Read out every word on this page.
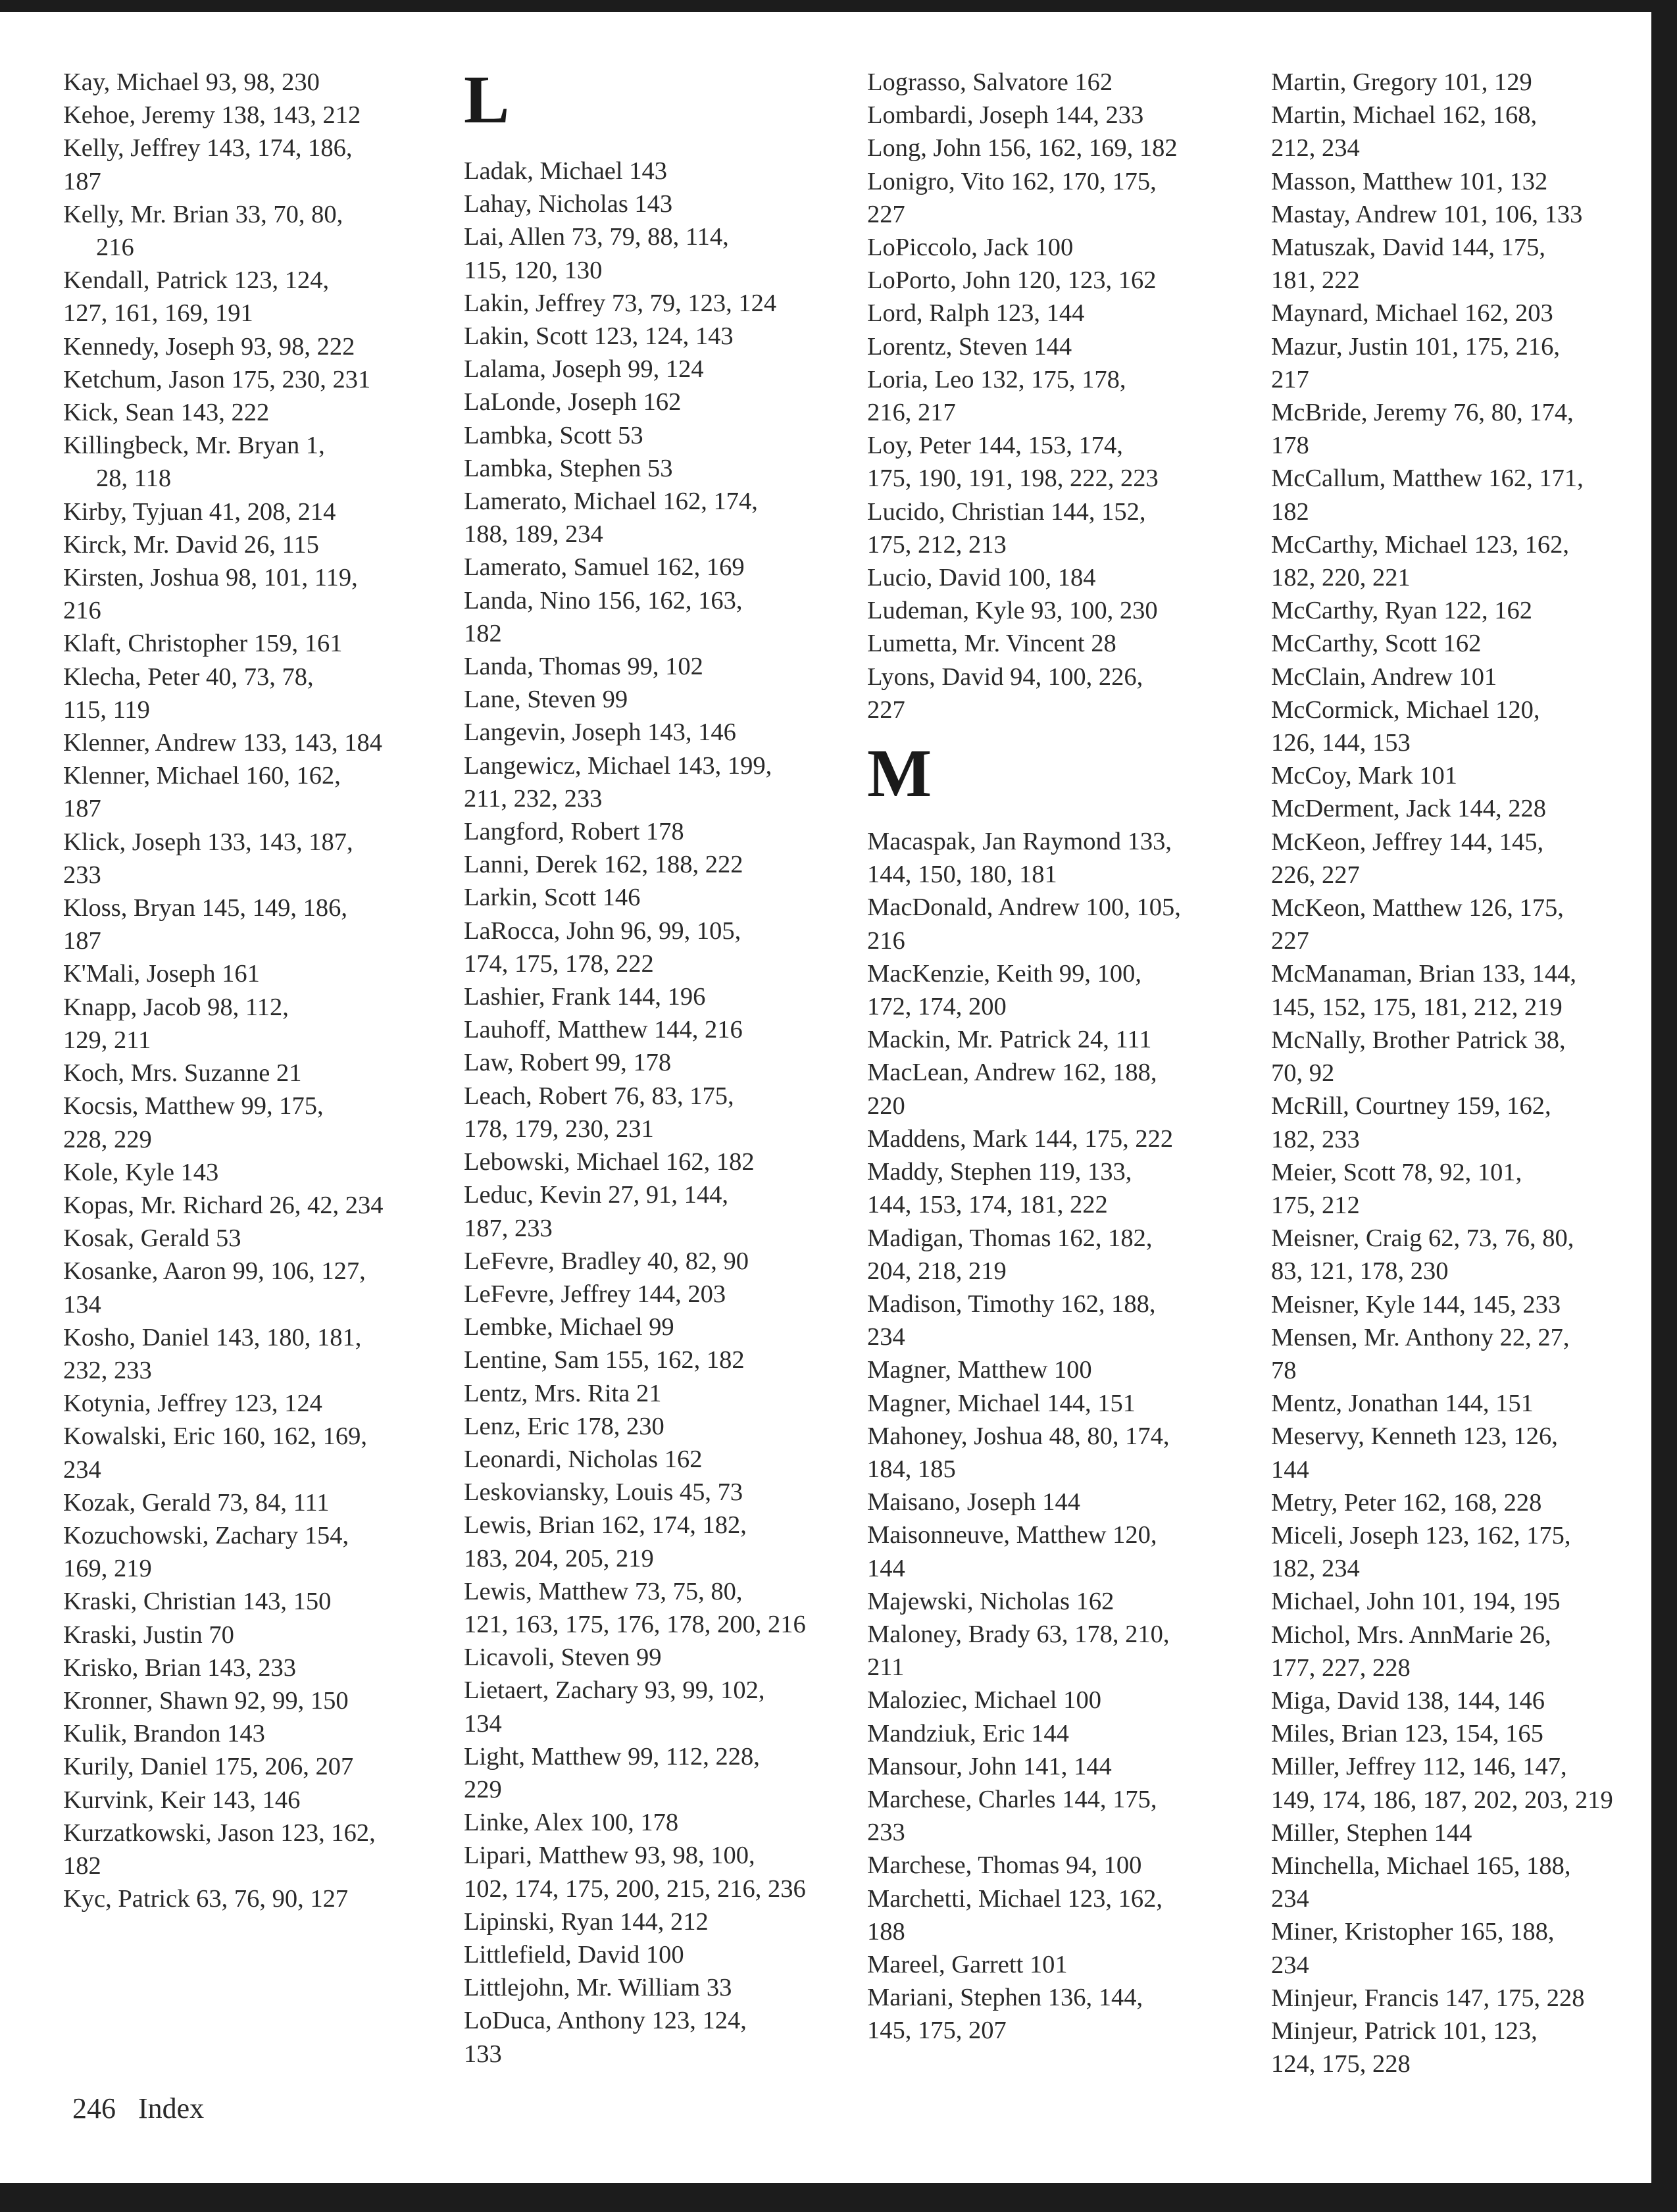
Kay, Michael 93, 98, 230
Kehoe, Jeremy 138, 143, 212
Kelly, Jeffrey 143, 174, 186,
187
Kelly, Mr. Brian 33, 70, 80,
216
Kendall, Patrick 123, 124,
127, 161, 169, 191
Kennedy, Joseph 93, 98, 222
Ketchum, Jason 175, 230, 231
Kick, Sean 143, 222
Killingbeck, Mr. Bryan 1,
28, 118
Kirby, Tyjuan 41, 208, 214
Kirck, Mr. David 26, 115
Kirsten, Joshua 98, 101, 119,
216
Klaft, Christopher 159, 161
Klecha, Peter 40, 73, 78,
115, 119
Klenner, Andrew 133, 143, 184
Klenner, Michael 160, 162,
187
Klick, Joseph 133, 143, 187,
233
Kloss, Bryan 145, 149, 186,
187
K'Mali, Joseph 161
Knapp, Jacob 98, 112,
129, 211
Koch, Mrs. Suzanne 21
Kocsis, Matthew 99, 175,
228, 229
Kole, Kyle 143
Kopas, Mr. Richard 26, 42, 234
Kosak, Gerald 53
Kosanke, Aaron 99, 106, 127,
134
Kosho, Daniel 143, 180, 181,
232, 233
Kotynia, Jeffrey 123, 124
Kowalski, Eric 160, 162, 169,
234
Kozak, Gerald 73, 84, 111
Kozuchowski, Zachary 154,
169, 219
Kraski, Christian 143, 150
Kraski, Justin 70
Krisko, Brian 143, 233
Kronner, Shawn 92, 99, 150
Kulik, Brandon 143
Kurily, Daniel 175, 206, 207
Kurvink, Keir 143, 146
Kurzatkowski, Jason 123, 162,
182
Kyc, Patrick 63, 76, 90, 127
L
Ladak, Michael 143
Lahay, Nicholas 143
Lai, Allen 73, 79, 88, 114,
115, 120, 130
Lakin, Jeffrey 73, 79, 123, 124
Lakin, Scott 123, 124, 143
Lalama, Joseph 99, 124
LaLonde, Joseph 162
Lambka, Scott 53
Lambka, Stephen 53
Lamerato, Michael 162, 174,
188, 189, 234
Lamerato, Samuel 162, 169
Landa, Nino 156, 162, 163,
182
Landa, Thomas 99, 102
Lane, Steven 99
Langevin, Joseph 143, 146
Langewicz, Michael 143, 199,
211, 232, 233
Langford, Robert 178
Lanni, Derek 162, 188, 222
Larkin, Scott 146
LaRocca, John 96, 99, 105,
174, 175, 178, 222
Lashier, Frank 144, 196
Lauhoff, Matthew 144, 216
Law, Robert 99, 178
Leach, Robert 76, 83, 175,
178, 179, 230, 231
Lebowski, Michael 162, 182
Leduc, Kevin 27, 91, 144,
187, 233
LeFevre, Bradley 40, 82, 90
LeFevre, Jeffrey 144, 203
Lembke, Michael 99
Lentine, Sam 155, 162, 182
Lentz, Mrs. Rita 21
Lenz, Eric 178, 230
Leonardi, Nicholas 162
Leskoviansky, Louis 45, 73
Lewis, Brian 162, 174, 182,
183, 204, 205, 219
Lewis, Matthew 73, 75, 80,
121, 163, 175, 176, 178, 200, 216
Licavoli, Steven 99
Lietaert, Zachary 93, 99, 102,
134
Light, Matthew 99, 112, 228,
229
Linke, Alex 100, 178
Lipari, Matthew 93, 98, 100,
102, 174, 175, 200, 215, 216, 236
Lipinski, Ryan 144, 212
Littlefield, David 100
Littlejohn, Mr. William 33
LoDuca, Anthony 123, 124,
133
Lograsso, Salvatore 162
Lombardi, Joseph 144, 233
Long, John 156, 162, 169, 182
Lonigro, Vito 162, 170, 175,
227
LoPiccolo, Jack 100
LoPorto, John 120, 123, 162
Lord, Ralph 123, 144
Lorentz, Steven 144
Loria, Leo 132, 175, 178,
216, 217
Loy, Peter 144, 153, 174,
175, 190, 191, 198, 222, 223
Lucido, Christian 144, 152,
175, 212, 213
Lucio, David 100, 184
Ludeman, Kyle 93, 100, 230
Lumetta, Mr. Vincent 28
Lyons, David 94, 100, 226,
227
M
Macaspak, Jan Raymond 133,
144, 150, 180, 181
MacDonald, Andrew 100, 105,
216
MacKenzie, Keith 99, 100,
172, 174, 200
Mackin, Mr. Patrick 24, 111
MacLean, Andrew 162, 188,
220
Maddens, Mark 144, 175, 222
Maddy, Stephen 119, 133,
144, 153, 174, 181, 222
Madigan, Thomas 162, 182,
204, 218, 219
Madison, Timothy 162, 188,
234
Magner, Matthew 100
Magner, Michael 144, 151
Mahoney, Joshua 48, 80, 174,
184, 185
Maisano, Joseph 144
Maisonneuve, Matthew 120,
144
Majewski, Nicholas 162
Maloney, Brady 63, 178, 210,
211
Maloziec, Michael 100
Mandziuk, Eric 144
Mansour, John 141, 144
Marchese, Charles 144, 175,
233
Marchese, Thomas 94, 100
Marchetti, Michael 123, 162,
188
Mareel, Garrett 101
Mariani, Stephen 136, 144,
145, 175, 207
Martin, Gregory 101, 129
Martin, Michael 162, 168,
212, 234
Masson, Matthew 101, 132
Mastay, Andrew 101, 106, 133
Matuszak, David 144, 175,
181, 222
Maynard, Michael 162, 203
Mazur, Justin 101, 175, 216,
217
McBride, Jeremy 76, 80, 174,
178
McCallum, Matthew 162, 171,
182
McCarthy, Michael 123, 162,
182, 220, 221
McCarthy, Ryan 122, 162
McCarthy, Scott 162
McClain, Andrew 101
McCormick, Michael 120,
126, 144, 153
McCoy, Mark 101
McDerment, Jack 144, 228
McKeon, Jeffrey 144, 145,
226, 227
McKeon, Matthew 126, 175,
227
McManaman, Brian 133, 144,
145, 152, 175, 181, 212, 219
McNally, Brother Patrick 38,
70, 92
McRill, Courtney 159, 162,
182, 233
Meier, Scott 78, 92, 101,
175, 212
Meisner, Craig 62, 73, 76, 80,
83, 121, 178, 230
Meisner, Kyle 144, 145, 233
Mensen, Mr. Anthony 22, 27,
78
Mentz, Jonathan 144, 151
Meservy, Kenneth 123, 126,
144
Metry, Peter 162, 168, 228
Miceli, Joseph 123, 162, 175,
182, 234
Michael, John 101, 194, 195
Michol, Mrs. AnnMarie 26,
177, 227, 228
Miga, David 138, 144, 146
Miles, Brian 123, 154, 165
Miller, Jeffrey 112, 146, 147,
149, 174, 186, 187, 202, 203, 219
Miller, Stephen 144
Minchella, Michael 165, 188,
234
Miner, Kristopher 165, 188,
234
Minjeur, Francis 147, 175, 228
Minjeur, Patrick 101, 123,
124, 175, 228
246 Index
